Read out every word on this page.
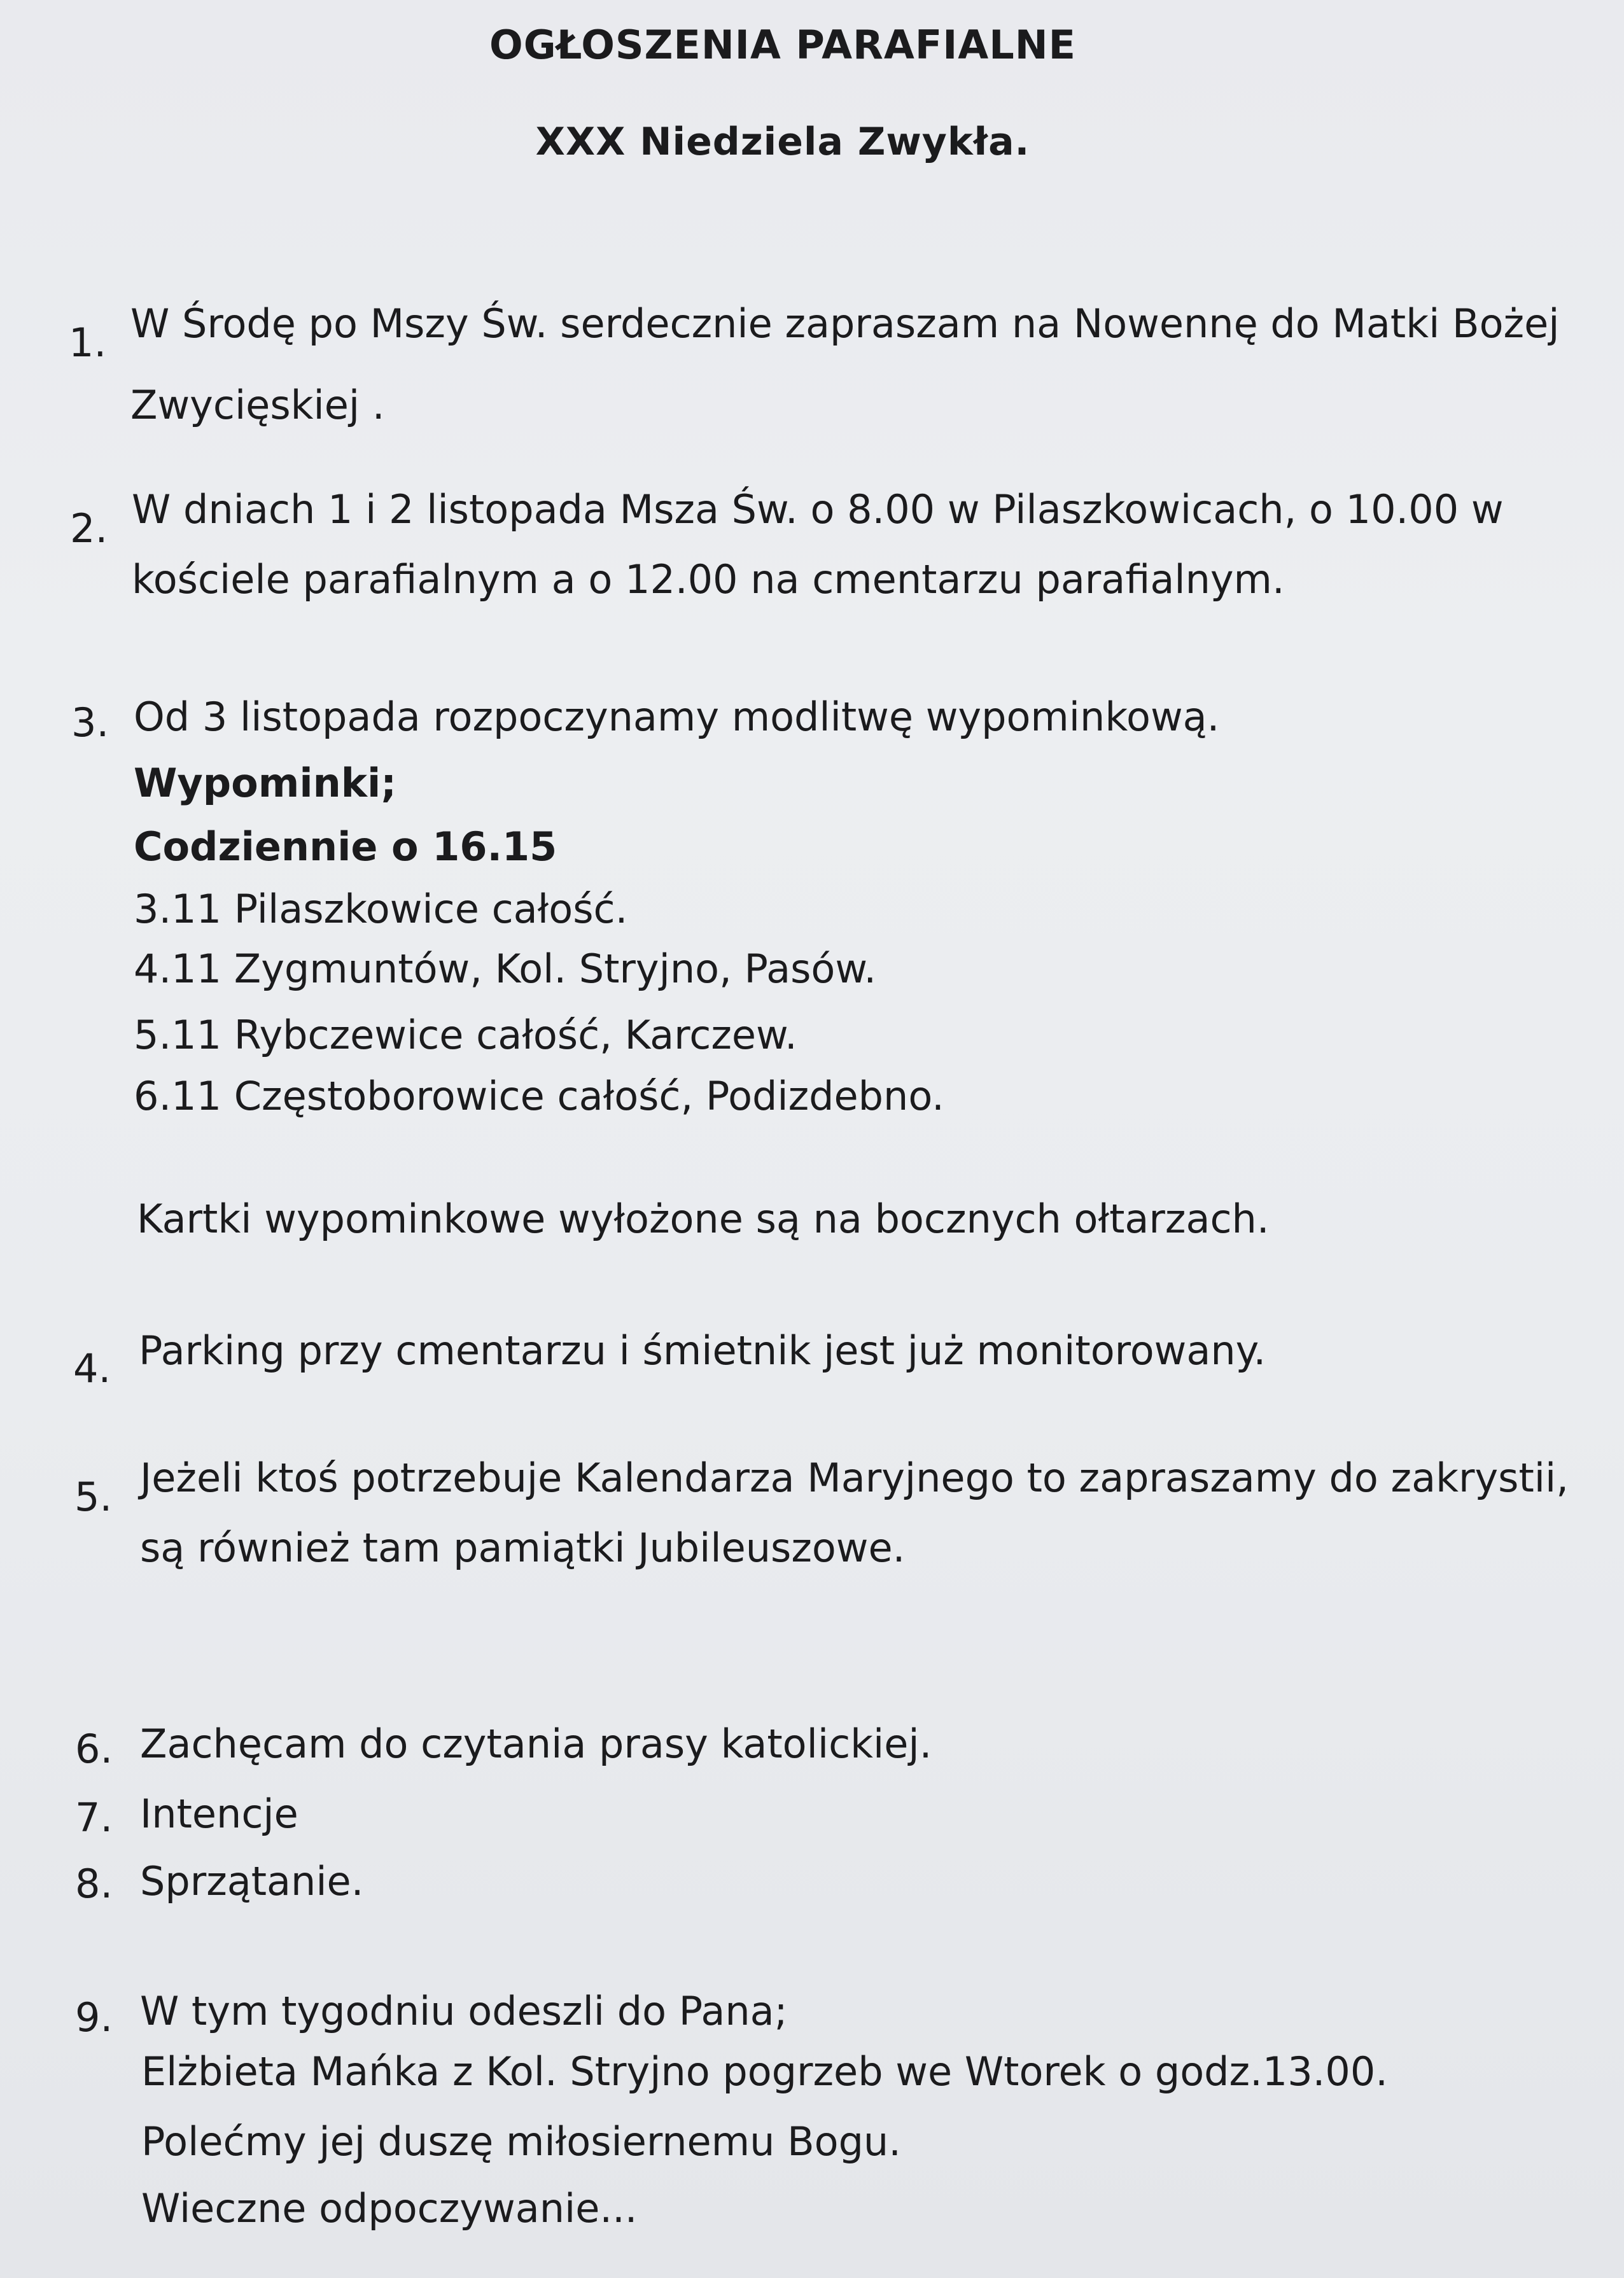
OGŁOSZENIA PARAFIALNE
XXX Niedziela Zwykła.
1. W Środę po Mszy Św. serdecznie zapraszam na Nowennę do Matki Bożej
Zwycięskiej .
2. W dniach 1 i 2 listopada Msza Św. o 8.00 w Pilaszkowicach, o 10.00 w
kościele parafialnym a o 12.00 na cmentarzu parafialnym.
3. Od 3 listopada rozpoczynamy modlitwę wypominkową.
Wypominki;
Codziennie o 16.15
3.11 Pilaszkowice całość.
4.11 Zygmuntów, Kol. Stryjno, Pasów.
5.11 Rybczewice całość, Karczew.
6.11 Częstoborowice całość, Podizdebno.
Kartki wypominkowe wyłożone są na bocznych ołtarzach.
4. Parking przy cmentarzu i śmietnik jest już monitorowany.
5. Jeżeli ktoś potrzebuje Kalendarza Maryjnego to zapraszamy do zakrystii,
są również tam pamiątki Jubileuszowe.
6. Zachęcam do czytania prasy katolickiej.
7. Intencje
8. Sprzątanie.
9. W tym tygodniu odeszli do Pana;
Elżbieta Mańka z Kol. Stryjno pogrzeb we Wtorek o godz.13.00.
Polećmy jej duszę miłosiernemu Bogu.
Wieczne odpoczywanie...
